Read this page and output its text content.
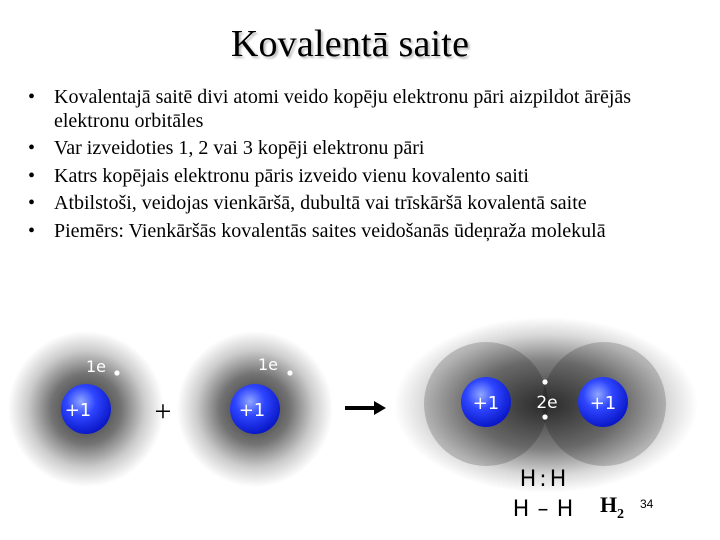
Kovalentā saite
• Kovalentajā saitē divi atomi veido kopēju elektronu pāri aizpildot ārējās elektronu orbitāles
• Var izveidoties 1, 2 vai 3 kopēji elektronu pāri
• Katrs kopējais elektronu pāris izveido vienu kovalento saiti
• Atbilstoši, veidojas vienkāršā, dubultā vai trīskāršā kovalentā saite
• Piemērs: Vienkāršās kovalentās saites veidošanās ūdeņraža molekulā
+1
1e
+	+1
1e
+1	+1
2e
H : H
H – H H 2
34
